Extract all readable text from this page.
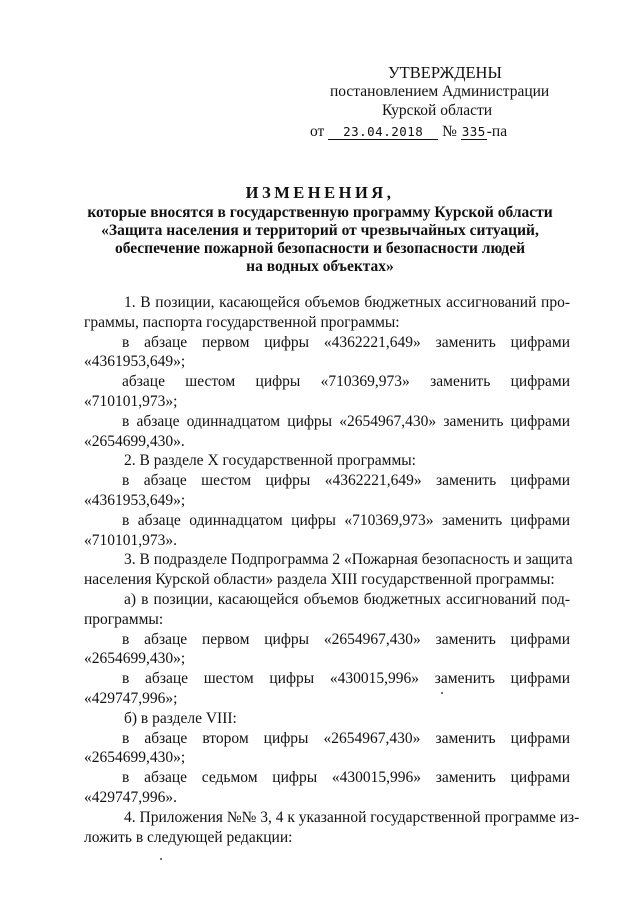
УТВЕРЖДЕНЫ
постановлением Администрации
Курской области
от 23.04.2018 № 335-па
ИЗМЕНЕНИЯ,
которые вносятся в государственную программу Курской области
«Защита населения и территорий от чрезвычайных ситуаций,
обеспечение пожарной безопасности и безопасности людей
на водных объектах»
1. В позиции, касающейся объемов бюджетных ассигнований про-
граммы, паспорта государственной программы:
в абзаце первом цифры «4362221,649» заменить цифрами
«4361953,649»;
абзаце шестом цифры «710369,973» заменить цифрами
«710101,973»;
в абзаце одиннадцатом цифры «2654967,430» заменить цифрами
«2654699,430».
2. В разделе X государственной программы:
в абзаце шестом цифры «4362221,649» заменить цифрами
«4361953,649»;
в абзаце одиннадцатом цифры «710369,973» заменить цифрами
«710101,973».
3. В подразделе Подпрограмма 2 «Пожарная безопасность и защита
населения Курской области» раздела XIII государственной программы:
а) в позиции, касающейся объемов бюджетных ассигнований под-
программы:
в абзаце первом цифры «2654967,430» заменить цифрами
«2654699,430»;
в абзаце шестом цифры «430015,996» заменить цифрами
«429747,996»;
б) в разделе VIII:
в абзаце втором цифры «2654967,430» заменить цифрами
«2654699,430»;
в абзаце седьмом цифры «430015,996» заменить цифрами
«429747,996».
4. Приложения №№ 3, 4 к указанной государственной программе из-
ложить в следующей редакции:
